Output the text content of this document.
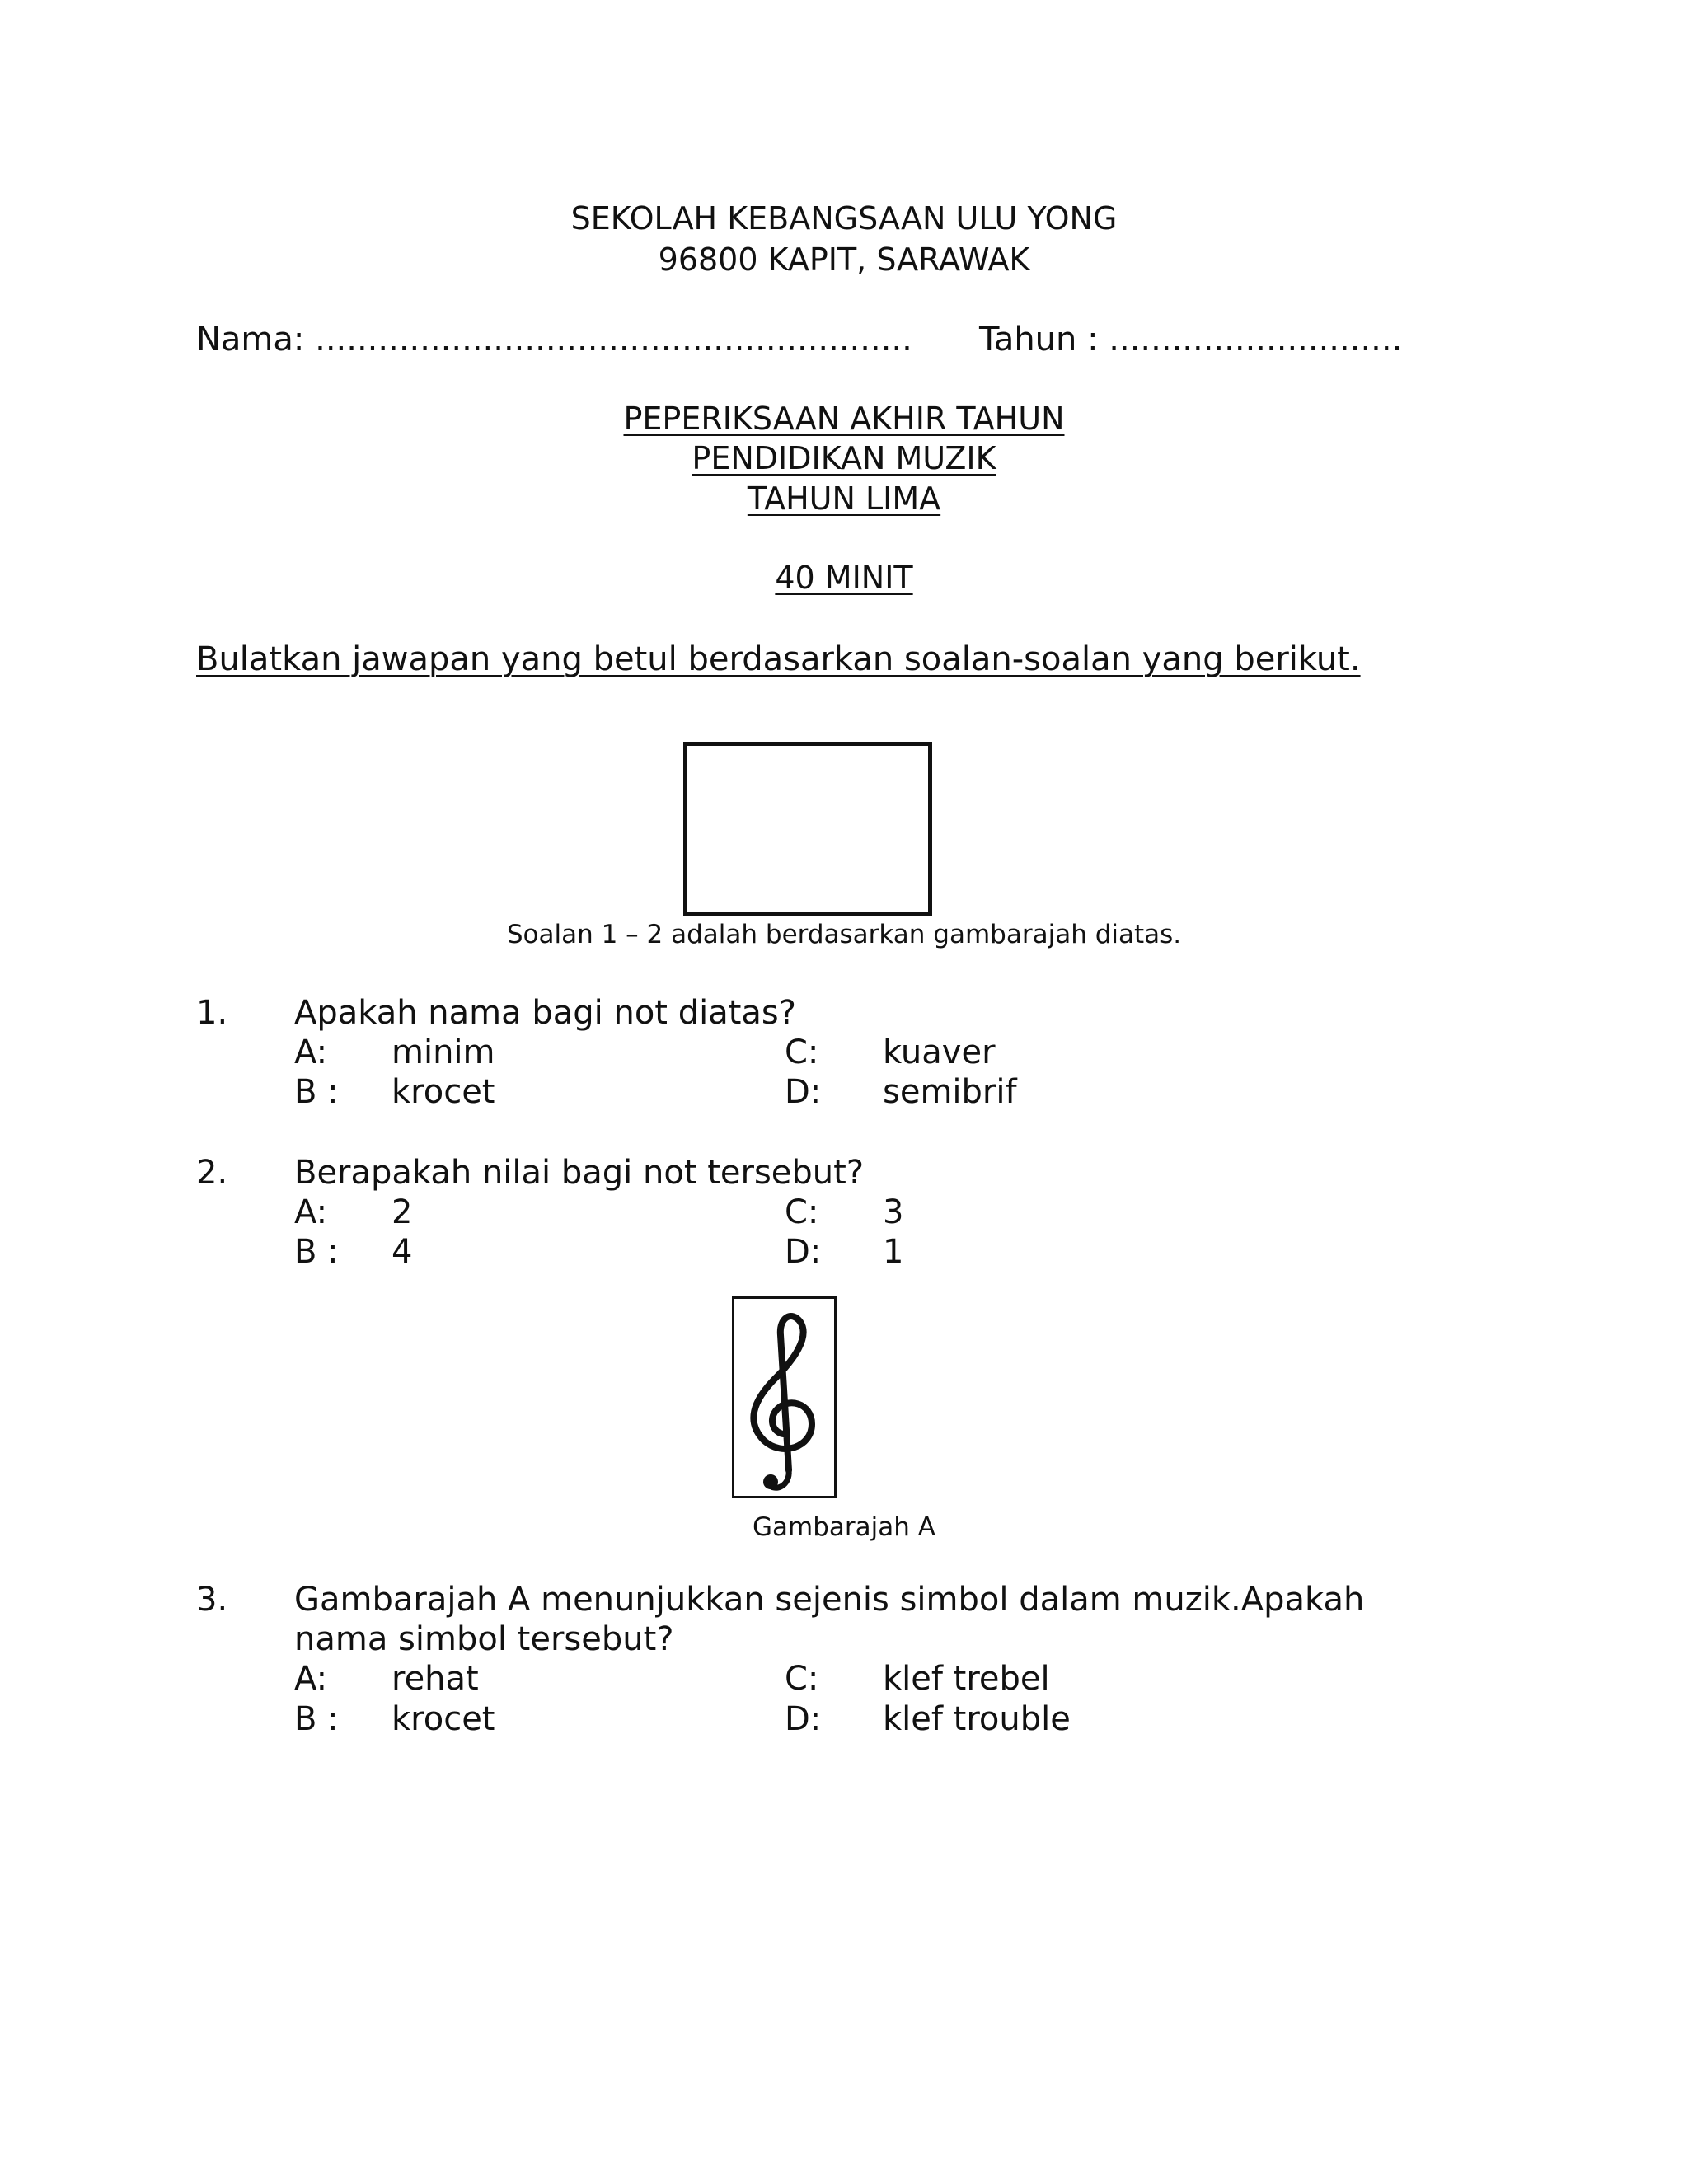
SEKOLAH KEBANGSAAN ULU YONG
96800 KAPIT, SARAWAK
Nama: ......................................................... Tahun : ............................
PEPERIKSAAN AKHIR TAHUN
PENDIDIKAN MUZIK
TAHUN LIMA
40 MINIT
Bulatkan jawapan yang betul berdasarkan soalan-soalan yang berikut.
Soalan 1 – 2 adalah berdasarkan gambarajah diatas.
1. Apakah nama bagi not diatas?
A: minim	C: kuaver
B : krocet	D: semibrif
2. Berapakah nilai bagi not tersebut?
A: 2	C: 3
B : 4	D: 1
Gambarajah A
3. Gambarajah A menunjukkan sejenis simbol dalam muzik.Apakah
nama simbol tersebut?
A: rehat	C: klef trebel
B : krocet	D: klef trouble
